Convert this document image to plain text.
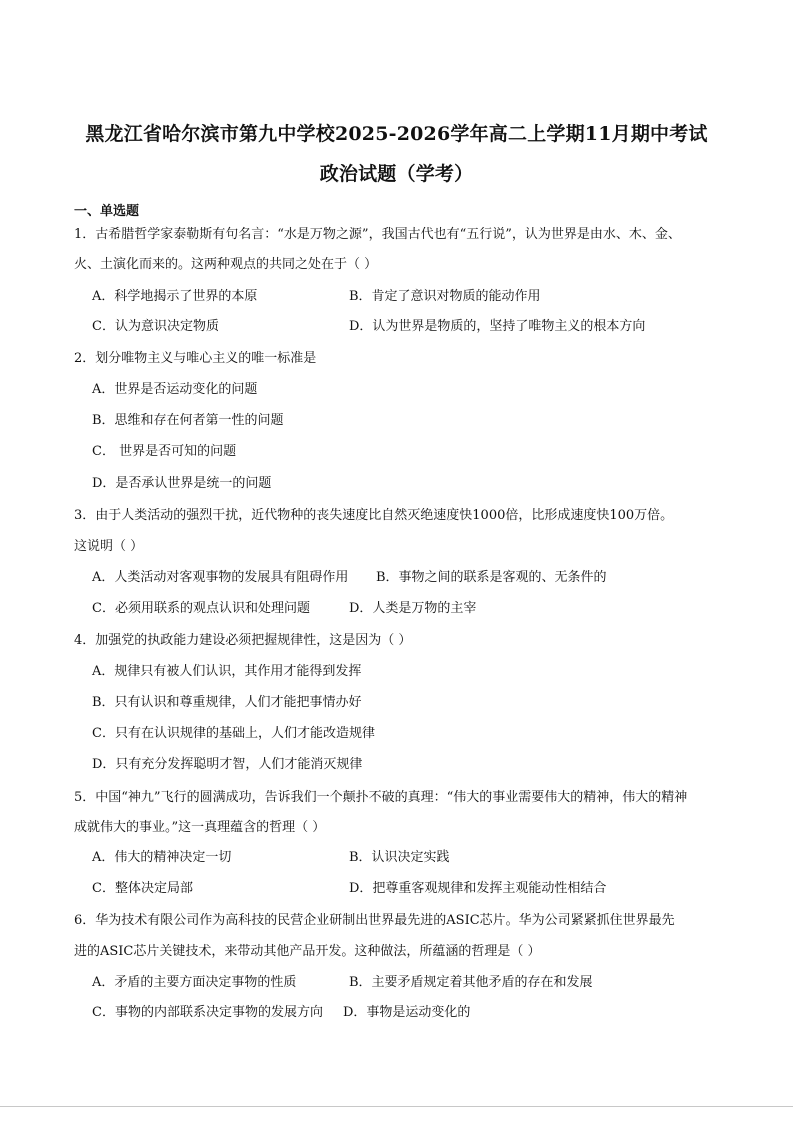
黑龙江省哈尔滨市第九中学校2025-2026学年高二上学期11月期中考试
政治试题（学考）
一、单选题
1．古希腊哲学家泰勒斯有句名言：“水是万物之源”，我国古代也有“五行说”，认为世界是由水、木、金、
火、土演化而来的。这两种观点的共同之处在于（ ）
A．科学地揭示了世界的本原	B．肯定了意识对物质的能动作用
C．认为意识决定物质	D．认为世界是物质的，坚持了唯物主义的根本方向
2．划分唯物主义与唯心主义的唯一标准是
A．世界是否运动变化的问题
B．思维和存在何者第一性的问题
C． 世界是否可知的问题
D．是否承认世界是统一的问题
3．由于人类活动的强烈干扰，近代物种的丧失速度比自然灭绝速度快1000倍，比形成速度快100万倍。
这说明（ ）
A．人类活动对客观事物的发展具有阻碍作用 B．事物之间的联系是客观的、无条件的
C．必须用联系的观点认识和处理问题	D．人类是万物的主宰
4．加强党的执政能力建设必须把握规律性，这是因为（ ）
A．规律只有被人们认识，其作用才能得到发挥
B．只有认识和尊重规律，人们才能把事情办好
C．只有在认识规律的基础上，人们才能改造规律
D．只有充分发挥聪明才智，人们才能消灭规律
5．中国“神九”飞行的圆满成功，告诉我们一个颠扑不破的真理：“伟大的事业需要伟大的精神，伟大的精神
成就伟大的事业。”这一真理蕴含的哲理（ ）
A．伟大的精神决定一切	B．认识决定实践
C．整体决定局部	D．把尊重客观规律和发挥主观能动性相结合
6．华为技术有限公司作为高科技的民营企业研制出世界最先进的ASIC芯片。华为公司紧紧抓住世界最先
进的ASIC芯片关键技术，来带动其他产品开发。这种做法，所蕴涵的哲理是（ ）
A．矛盾的主要方面决定事物的性质	B．主要矛盾规定着其他矛盾的存在和发展
C．事物的内部联系决定事物的发展方向 D．事物是运动变化的
